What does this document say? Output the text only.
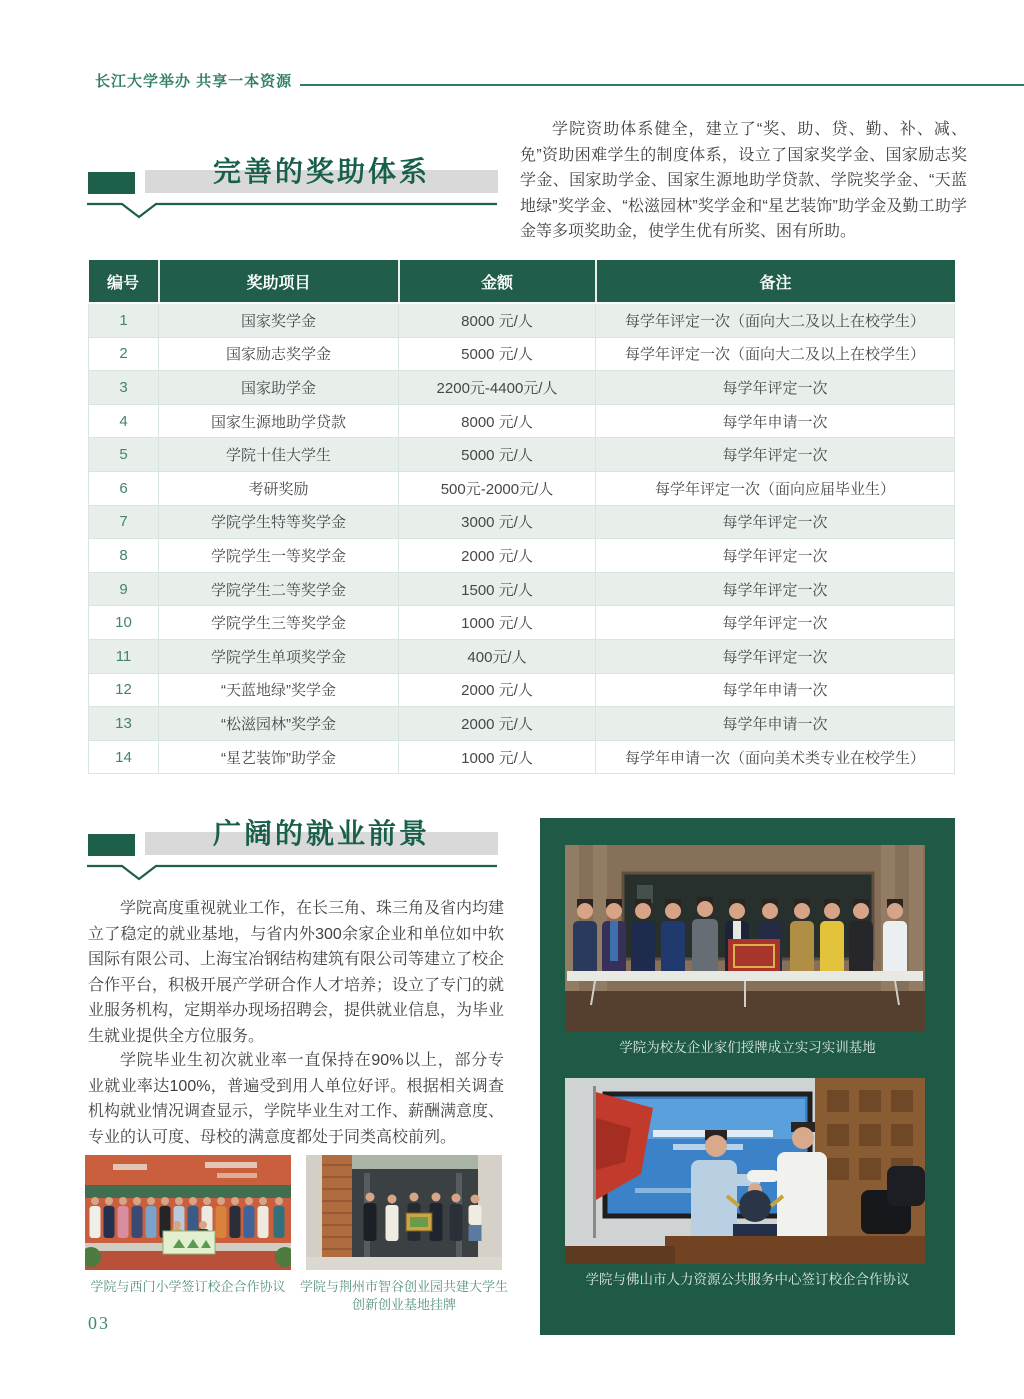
长江大学举办 共享一本资源
完善的奖助体系

学院资助体系健全，建立了“奖、助、贷、勤、补、减、免”资助困难学生的制度体系，设立了国家奖学金、国家励志奖学金、国家助学金、国家生源地助学贷款、学院奖学金、“天蓝地绿”奖学金、“松滋园林”奖学金和“星艺装饰”助学金及勤工助学金等多项奖助金，使学生优有所奖、困有所助。

编号	奖助项目	金额	备注
1	国家奖学金	8000 元/人	每学年评定一次（面向大二及以上在校学生）
2	国家励志奖学金	5000 元/人	每学年评定一次（面向大二及以上在校学生）
3	国家助学金	2200元-4400元/人	每学年评定一次
4	国家生源地助学贷款	8000 元/人	每学年申请一次
5	学院十佳大学生	5000 元/人	每学年评定一次
6	考研奖励	500元-2000元/人	每学年评定一次（面向应届毕业生）
7	学院学生特等奖学金	3000 元/人	每学年评定一次
8	学院学生一等奖学金	2000 元/人	每学年评定一次
9	学院学生二等奖学金	1500 元/人	每学年评定一次
10	学院学生三等奖学金	1000 元/人	每学年评定一次
11	学院学生单项奖学金	400元/人	每学年评定一次
12	“天蓝地绿”奖学金	2000 元/人	每学年申请一次
13	“松滋园林”奖学金	2000 元/人	每学年申请一次
14	“星艺装饰”助学金	1000 元/人	每学年申请一次（面向美术类专业在校学生）
广阔的就业前景

学院高度重视就业工作，在长三角、珠三角及省内均建立了稳定的就业基地，与省内外300余家企业和单位如中软国际有限公司、上海宝冶钢结构建筑有限公司等建立了校企合作平台，积极开展产学研合作人才培养；设立了专门的就业服务机构，定期举办现场招聘会，提供就业信息，为毕业生就业提供全方位服务。

学院毕业生初次就业率一直保持在90%以上，部分专业就业率达100%，普遍受到用人单位好评。根据相关调查机构就业情况调查显示，学院毕业生对工作、薪酬满意度、专业的认可度、母校的满意度都处于同类高校前列。

学院与西门小学签订校企合作协议	学院与荆州市智谷创业园共建大学生创新创业基地挂牌
学院为校友企业家们授牌成立实习实训基地
学院与佛山市人力资源公共服务中心签订校企合作协议
03
